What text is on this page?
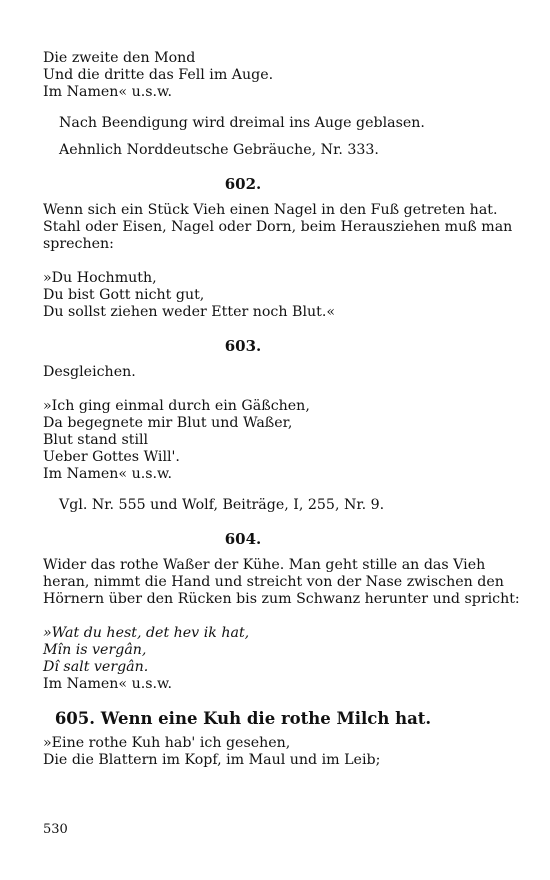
Die zweite den Mond
Und die dritte das Fell im Auge.
Im Namen« u.s.w.
Nach Beendigung wird dreimal ins Auge geblasen.
Aehnlich Norddeutsche Gebräuche, Nr. 333.
602.
Wenn sich ein Stück Vieh einen Nagel in den Fuß getreten hat.
Stahl oder Eisen, Nagel oder Dorn, beim Herausziehen muß man
sprechen:
»Du Hochmuth,
Du bist Gott nicht gut,
Du sollst ziehen weder Etter noch Blut.«
603.
Desgleichen.
»Ich ging einmal durch ein Gäßchen,
Da begegnete mir Blut und Waßer,
Blut stand still
Ueber Gottes Will'.
Im Namen« u.s.w.
Vgl. Nr. 555 und Wolf, Beiträge, I, 255, Nr. 9.
604.
Wider das rothe Waßer der Kühe. Man geht stille an das Vieh
heran, nimmt die Hand und streicht von der Nase zwischen den
Hörnern über den Rücken bis zum Schwanz herunter und spricht:
»Wat du hest, det hev ik hat,
Mîn is vergân,
Dî salt vergân.
Im Namen« u.s.w.
605. Wenn eine Kuh die rothe Milch hat.
»Eine rothe Kuh hab' ich gesehen,
Die die Blattern im Kopf, im Maul und im Leib;
530
